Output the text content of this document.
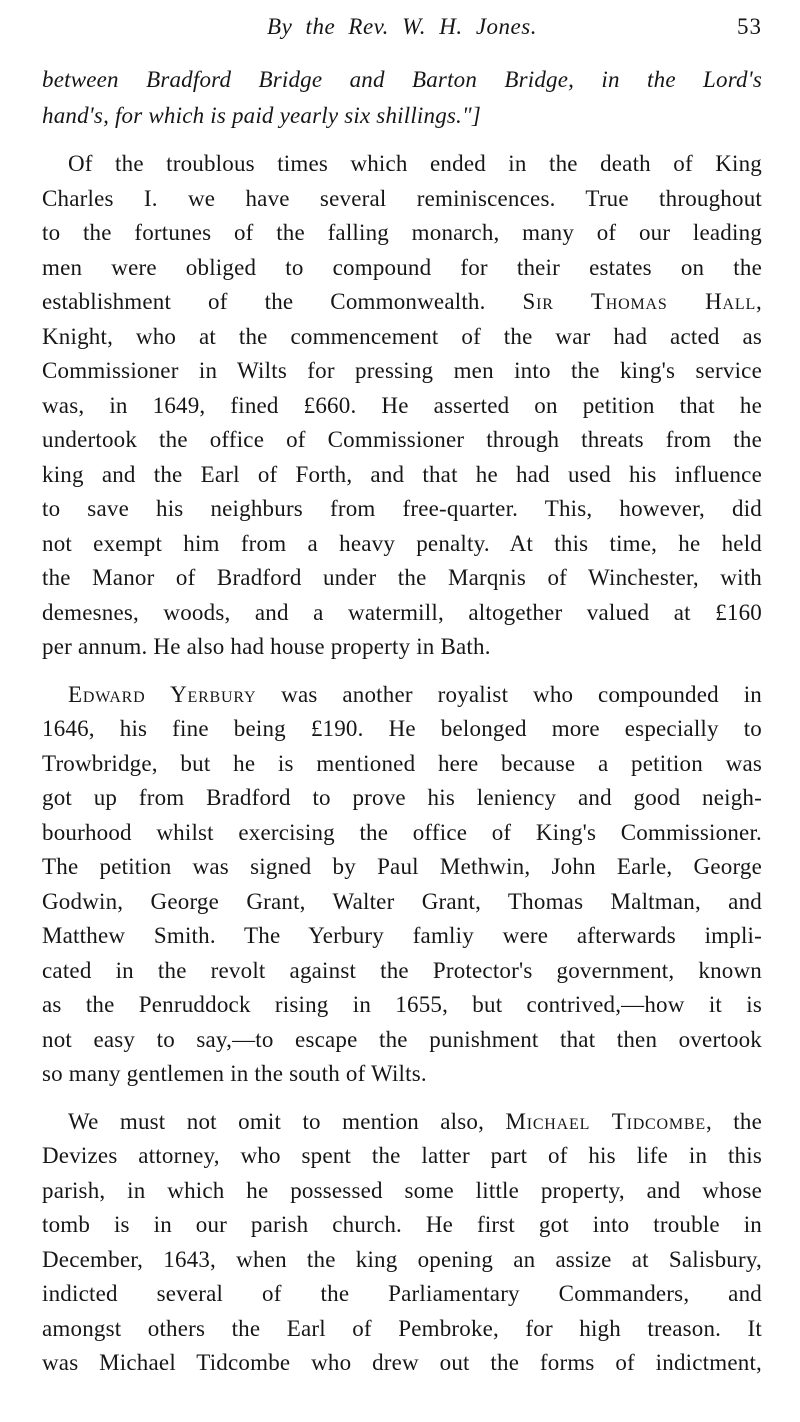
By the Rev. W. H. Jones.	53
between Bradford Bridge and Barton Bridge, in the Lord's
hand's, for which is paid yearly six shillings."]
Of the troublous times which ended in the death of King
Charles I. we have several reminiscences. True throughout
to the fortunes of the falling monarch, many of our leading
men were obliged to compound for their estates on the
establishment of the Commonwealth. Sir Thomas Hall,
Knight, who at the commencement of the war had acted as
Commissioner in Wilts for pressing men into the king's service
was, in 1649, fined £660. He asserted on petition that he
undertook the office of Commissioner through threats from the
king and the Earl of Forth, and that he had used his influence
to save his neighburs from free-quarter. This, however, did
not exempt him from a heavy penalty. At this time, he held
the Manor of Bradford under the Marqnis of Winchester, with
demesnes, woods, and a watermill, altogether valued at £160
per annum. He also had house property in Bath.
Edward Yerbury was another royalist who compounded in
1646, his fine being £190. He belonged more especially to
Trowbridge, but he is mentioned here because a petition was
got up from Bradford to prove his leniency and good neigh-
bourhood whilst exercising the office of King's Commissioner.
The petition was signed by Paul Methwin, John Earle, George
Godwin, George Grant, Walter Grant, Thomas Maltman, and
Matthew Smith. The Yerbury famliy were afterwards impli-
cated in the revolt against the Protector's government, known
as the Penruddock rising in 1655, but contrived,—how it is
not easy to say,—to escape the punishment that then overtook
so many gentlemen in the south of Wilts.
We must not omit to mention also, Michael Tidcombe, the
Devizes attorney, who spent the latter part of his life in this
parish, in which he possessed some little property, and whose
tomb is in our parish church. He first got into trouble in
December, 1643, when the king opening an assize at Salisbury,
indicted several of the Parliamentary Commanders, and
amongst others the Earl of Pembroke, for high treason. It
was Michael Tidcombe who drew out the forms of indictment,
